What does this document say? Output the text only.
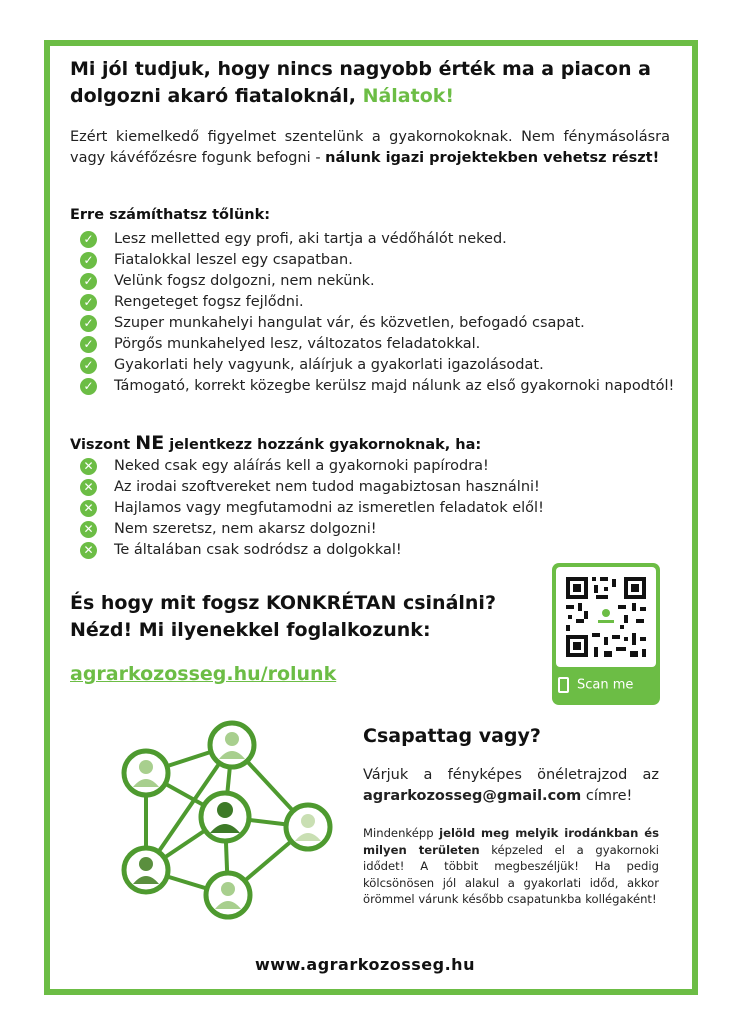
Mi jól tudjuk, hogy nincs nagyobb érték ma a piacon a dolgozni akaró fiataloknál, Nálatok!
Ezért kiemelkedő figyelmet szentelünk a gyakornokoknak. Nem fénymásolásra vagy kávéfőzésre fogunk befogni - nálunk igazi projektekben vehetsz részt!
Erre számíthatsz tőlünk:
✓ Lesz melletted egy profi, aki tartja a védőhálót neked.
✓ Fiatalokkal leszel egy csapatban.
✓ Velünk fogsz dolgozni, nem nekünk.
✓ Rengeteget fogsz fejlődni.
✓ Szuper munkahelyi hangulat vár, és közvetlen, befogadó csapat.
✓ Pörgős munkahelyed lesz, változatos feladatokkal.
✓ Gyakorlati hely vagyunk, aláírjuk a gyakorlati igazolásodat.
✓ Támogató, korrekt közegbe kerülsz majd nálunk az első gyakornoki napodtól!
Viszont NE jelentkezz hozzánk gyakornoknak, ha:
✕ Neked csak egy aláírás kell a gyakornoki papírodra!
✕ Az irodai szoftvereket nem tudod magabiztosan használni!
✕ Hajlamos vagy megfutamodni az ismeretlen feladatok elől!
✕ Nem szeretsz, nem akarsz dolgozni!
✕ Te általában csak sodródsz a dolgokkal!
És hogy mit fogsz KONKRÉTAN csinálni?
Nézd! Mi ilyenekkel foglalkozunk:
agrarkozosseg.hu/rolunk	Scan me
Csapattag vagy?
Várjuk a fényképes önéletrajzod az agrarkozosseg@gmail.com címre!
Mindenképp jelöld meg melyik irodánkban és milyen területen képzeled el a gyakornoki idődet! A többit megbeszéljük! Ha pedig kölcsönösen jól alakul a gyakorlati időd, akkor örömmel várunk később csapatunkba kollégaként!
www.agrarkozosseg.hu
